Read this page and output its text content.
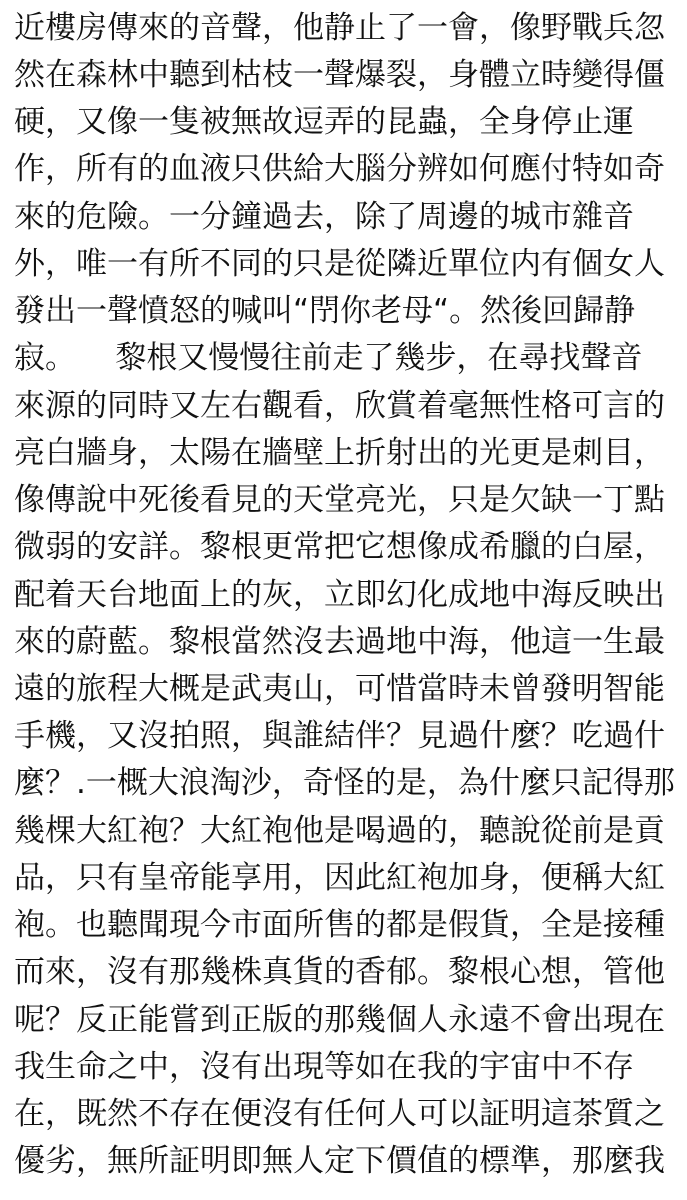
近樓房傳來的音聲，他静止了一會，像野戰兵忽
然在森林中聽到枯枝一聲爆裂，身體立時變得僵
硬，又像一隻被無故逗弄的昆蟲，全身停止運
作，所有的血液只供給大腦分辨如何應付特如奇
來的危險。一分鐘過去，除了周邊的城市雜音
外，唯一有所不同的只是從隣近單位内有個女人
發出一聲憤怒的喊叫“閅你老母“。然後回歸静
寂。    黎根又慢慢往前走了幾步，在尋找聲音
來源的同時又左右觀看，欣賞着毫無性格可言的
亮白牆身，太陽在牆壁上折射出的光更是刺目，
像傳說中死後看見的天堂亮光，只是欠缺一丁點
微弱的安詳。黎根更常把它想像成希臘的白屋，
配着天台地面上的灰，立即幻化成地中海反映出
來的蔚藍。黎根當然沒去過地中海，他這一生最
遠的旅程大概是武夷山，可惜當時未曾發明智能
手機，又沒拍照，與誰結伴？見過什麼？吃過什
麼？.一概大浪淘沙，奇怪的是，為什麼只記得那
幾棵大紅袍？大紅袍他是喝過的，聽說從前是貢
品，只有皇帝能享用，因此紅袍加身，便稱大紅
袍。也聽聞現今市面所售的都是假貨，全是接種
而來，沒有那幾株真貨的香郁。黎根心想，管他
呢？反正能嘗到正版的那幾個人永遠不會出現在
我生命之中，沒有出現等如在我的宇宙中不存
在，既然不存在便沒有任何人可以証明這茶質之
優劣，無所証明即無人定下價值的標準，那麼我
